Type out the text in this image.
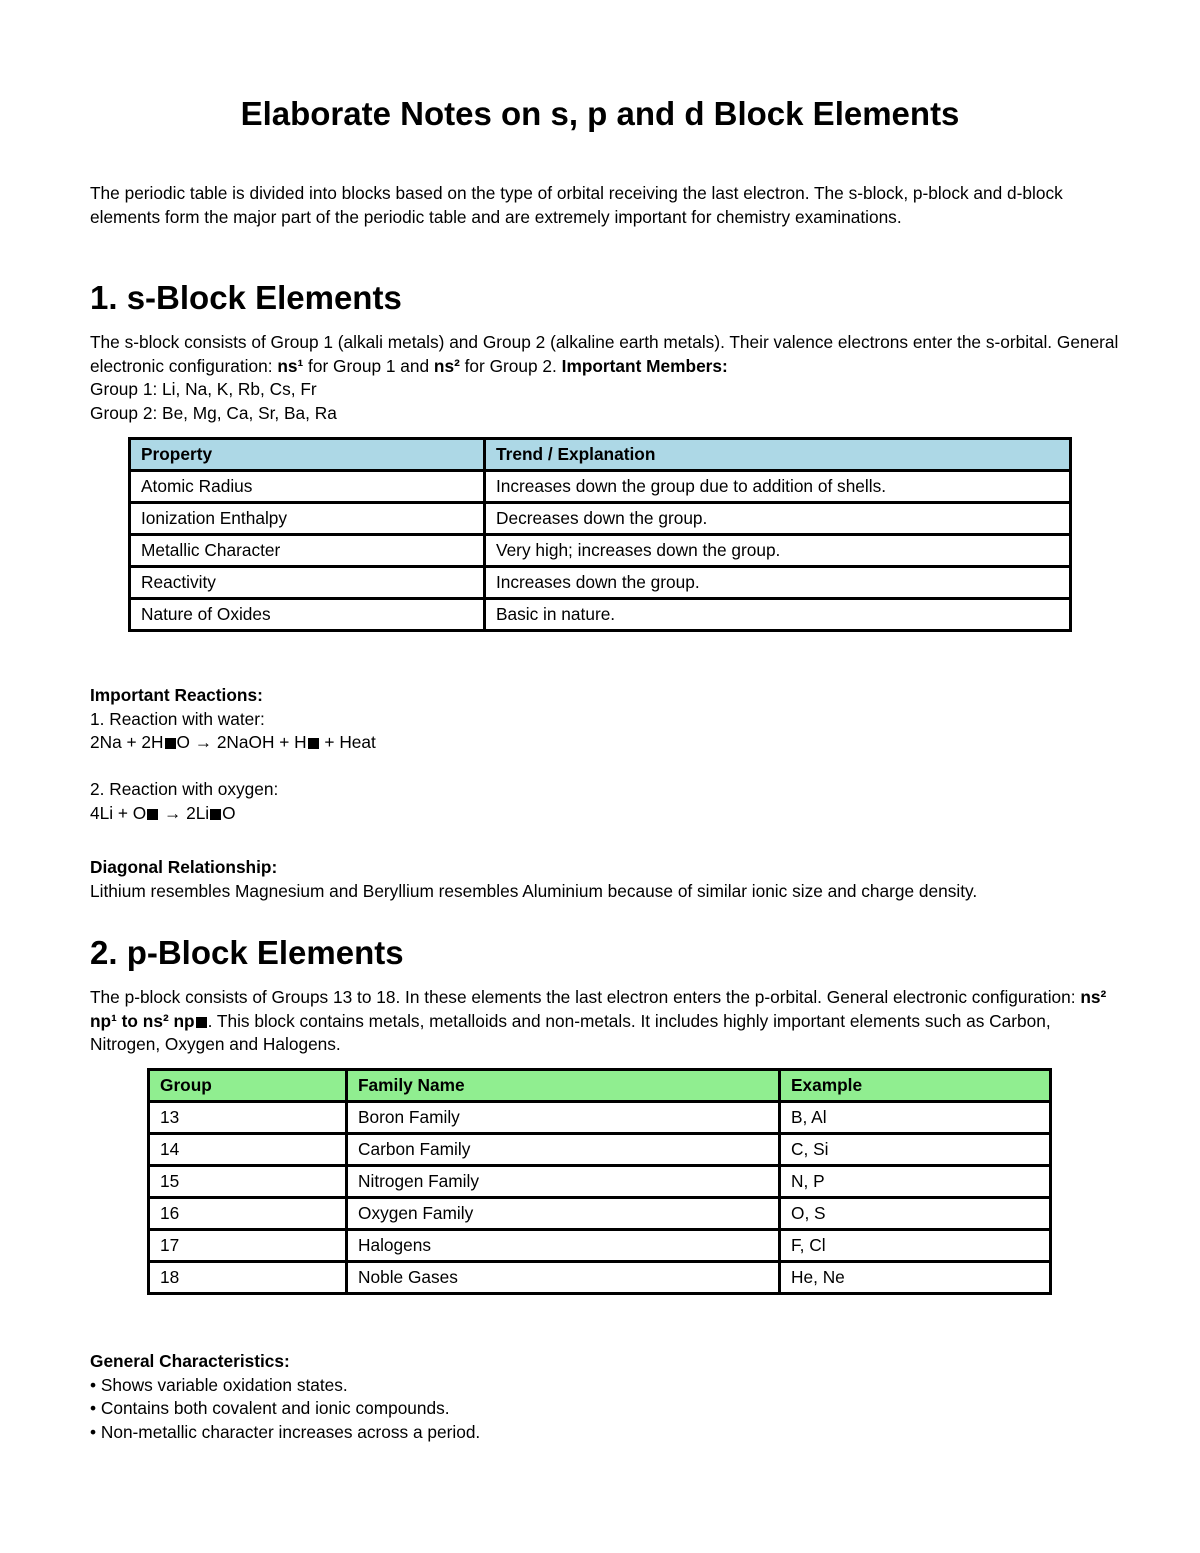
Elaborate Notes on s, p and d Block Elements

The periodic table is divided into blocks based on the type of orbital receiving the last electron. The s-block, p-block and d-block elements form the major part of the periodic table and are extremely important for chemistry examinations.

1. s-Block Elements

The s-block consists of Group 1 (alkali metals) and Group 2 (alkaline earth metals). Their valence electrons enter the s-orbital. General electronic configuration: ns¹ for Group 1 and ns² for Group 2. Important Members:
Group 1: Li, Na, K, Rb, Cs, Fr
Group 2: Be, Mg, Ca, Sr, Ba, Ra

Property	Trend / Explanation
Atomic Radius	Increases down the group due to addition of shells.
Ionization Enthalpy	Decreases down the group.
Metallic Character	Very high; increases down the group.
Reactivity	Increases down the group.
Nature of Oxides	Basic in nature.
Important Reactions:
1. Reaction with water:
2Na + 2H O → 2NaOH + H + Heat

2. Reaction with oxygen:
4Li + O → 2Li O
Diagonal Relationship:
Lithium resembles Magnesium and Beryllium resembles Aluminium because of similar ionic size and charge density.
2. p-Block Elements

The p-block consists of Groups 13 to 18. In these elements the last electron enters the p-orbital. General electronic configuration: ns² np¹ to ns² np . This block contains metals, metalloids and non-metals. It includes highly important elements such as Carbon, Nitrogen, Oxygen and Halogens.

Group	Family Name	Example
13	Boron Family	B, Al
14	Carbon Family	C, Si
15	Nitrogen Family	N, P
16	Oxygen Family	O, S
17	Halogens	F, Cl
18	Noble Gases	He, Ne
General Characteristics:
• Shows variable oxidation states.
• Contains both covalent and ionic compounds.
• Non-metallic character increases across a period.
